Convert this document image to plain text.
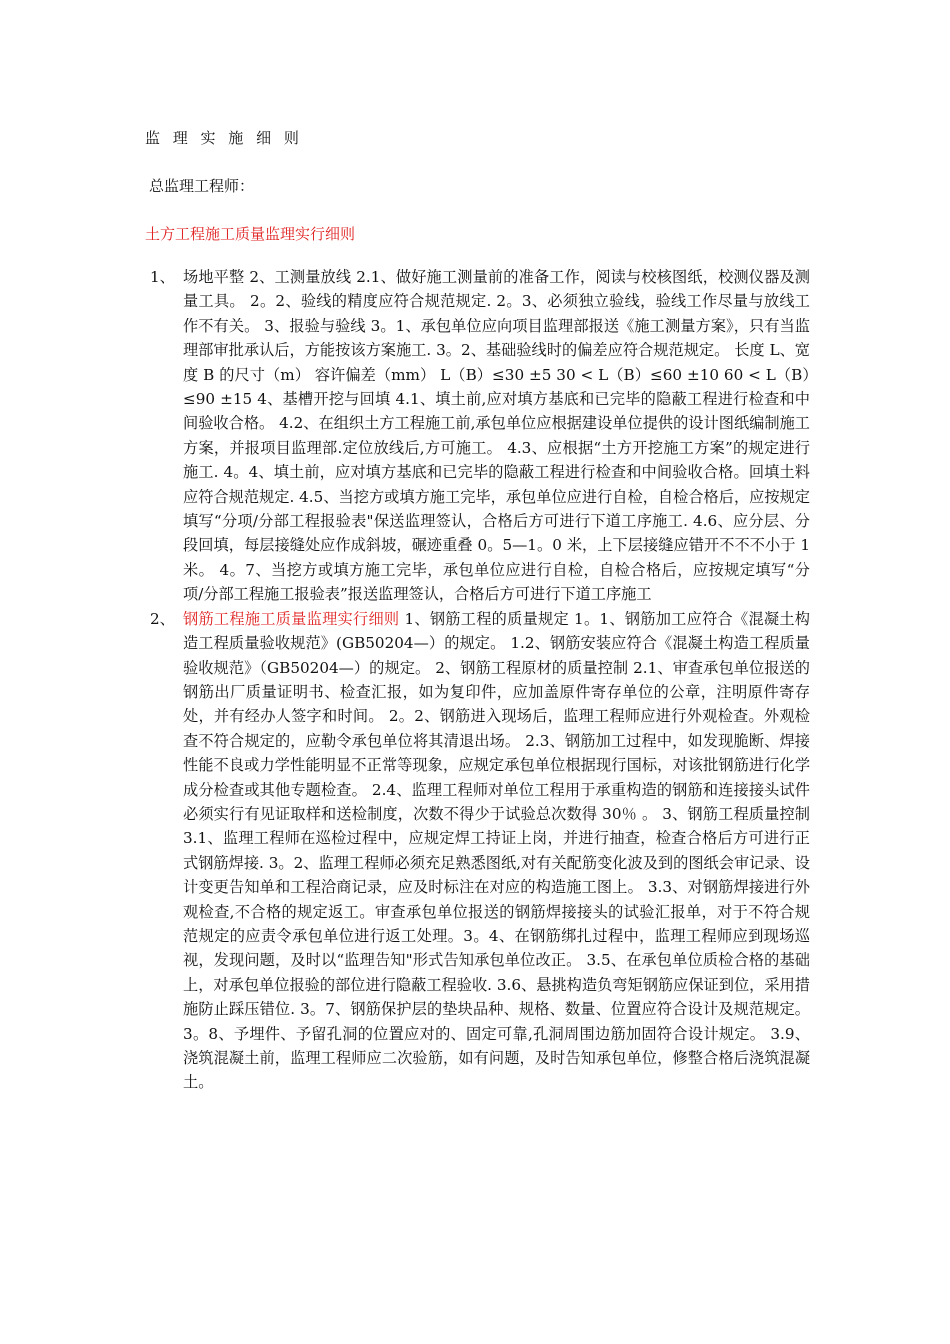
监 理 实 施 细 则

总监理工程师：

土方工程施工质量监理实行细则
1、 场地平整 2、工测量放线 2.1、做好施工测量前的准备工作，阅读与校核图纸，校测仪器及测量工具。 2。2、验线的精度应符合规范规定. 2。3、必须独立验线，验线工作尽量与放线工作不有关。 3、报验与验线 3。1、承包单位应向项目监理部报送《施工测量方案》，只有当监理部审批承认后，方能按该方案施工. 3。2、基础验线时的偏差应符合规范规定。 长度 L、宽度 B 的尺寸（m） 容许偏差（mm） L（B）≤30 ±5 30 < L（B）≤60 ±10 60 < L（B）≤90 ±15 4、基槽开挖与回填 4.1、填土前,应对填方基底和已完毕的隐蔽工程进行检查和中间验收合格。 4.2、在组织土方工程施工前,承包单位应根据建设单位提供的设计图纸编制施工方案，并报项目监理部.定位放线后,方可施工。 4.3、应根据“土方开挖施工方案”的规定进行施工. 4。4、填土前，应对填方基底和已完毕的隐蔽工程进行检查和中间验收合格。回填土料应符合规范规定. 4.5、当挖方或填方施工完毕，承包单位应进行自检，自检合格后，应按规定填写“分项/分部工程报验表"保送监理签认，合格后方可进行下道工序施工. 4.6、应分层、分段回填，每层接缝处应作成斜坡，碾迹重叠 0。5—1。0 米，上下层接缝应错开不不不小于 1 米。 4。7、当挖方或填方施工完毕，承包单位应进行自检，自检合格后，应按规定填写“分项/分部工程施工报验表”报送监理签认，合格后方可进行下道工序施工
2、 钢筋工程施工质量监理实行细则 1、钢筋工程的质量规定 1。1、钢筋加工应符合《混凝土构造工程质量验收规范》(GB50204—）的规定。 1.2、钢筋安装应符合《混凝土构造工程质量验收规范》（GB50204—）的规定。 2、钢筋工程原材的质量控制 2.1、审查承包单位报送的钢筋出厂质量证明书、检查汇报，如为复印件，应加盖原件寄存单位的公章，注明原件寄存处，并有经办人签字和时间。 2。2、钢筋进入现场后，监理工程师应进行外观检查。外观检查不符合规定的，应勒令承包单位将其清退出场。 2.3、钢筋加工过程中，如发现脆断、焊接性能不良或力学性能明显不正常等现象，应规定承包单位根据现行国标，对该批钢筋进行化学成分检查或其他专题检查。 2.4、监理工程师对单位工程用于承重构造的钢筋和连接接头试件必须实行有见证取样和送检制度，次数不得少于试验总次数得 30％ 。 3、钢筋工程质量控制 3.1、监理工程师在巡检过程中，应规定焊工持证上岗，并进行抽查，检查合格后方可进行正式钢筋焊接. 3。2、监理工程师必须充足熟悉图纸,对有关配筋变化波及到的图纸会审记录、设计变更告知单和工程洽商记录，应及时标注在对应的构造施工图上。 3.3、对钢筋焊接进行外观检查,不合格的规定返工。审查承包单位报送的钢筋焊接接头的试验汇报单，对于不符合规范规定的应责令承包单位进行返工处理。3。4、在钢筋绑扎过程中，监理工程师应到现场巡视，发现问题，及时以“监理告知"形式告知承包单位改正。 3.5、在承包单位质检合格的基础上，对承包单位报验的部位进行隐蔽工程验收. 3.6、悬挑构造负弯矩钢筋应保证到位，采用措施防止踩压错位. 3。7、钢筋保护层的垫块品种、规格、数量、位置应符合设计及规范规定。3。8、予埋件、予留孔洞的位置应对的、固定可靠,孔洞周围边筋加固符合设计规定。 3.9、浇筑混凝土前，监理工程师应二次验筋，如有问题，及时告知承包单位，修整合格后浇筑混凝土。
